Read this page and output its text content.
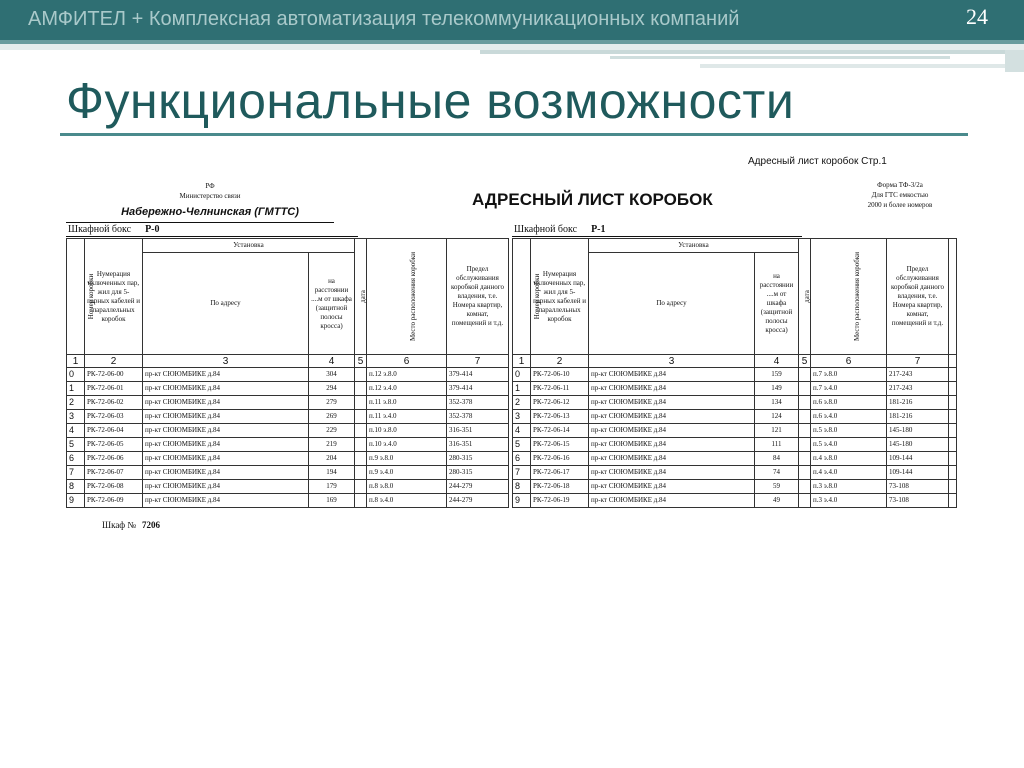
АМФИТЕЛ + Комплексная автоматизация телекоммуникационных компаний	24
Функциональные возможности
Адресный лист коробок Стр.1
РФ
Министерство связи
Набережно-Челнинская (ГМТТС)
АДРЕСНЫЙ ЛИСТ КОРОБОК
Форма ТФ-3/2а
Для ГТС емкостью
2000 и более номеров
Шкафной бокс Р-0	Шкафной бокс Р-1
Номер коробки	Нумерация включенных пар, жил для 5-парных кабелей и параллельных коробок	Установка		дата	Место расположения коробки	Предел обслуживания коробкой данного владения, т.е. Номера квартир, комнат, помещений и т.д.
		По адресу	на расстоянии ....м от шкафа (защитной полосы кросса)			
1	2	3	4	5	6	7
0	РК-72-06-00	пр-кт СЮЮМБИКЕ д.84	304		п.12 э.8.0	379-414
1	РК-72-06-01	пр-кт СЮЮМБИКЕ д.84	294		п.12 э.4.0	379-414
2	РК-72-06-02	пр-кт СЮЮМБИКЕ д.84	279		п.11 э.8.0	352-378
3	РК-72-06-03	пр-кт СЮЮМБИКЕ д.84	269		п.11 э.4.0	352-378
4	РК-72-06-04	пр-кт СЮЮМБИКЕ д.84	229		п.10 э.8.0	316-351
5	РК-72-06-05	пр-кт СЮЮМБИКЕ д.84	219		п.10 э.4.0	316-351
6	РК-72-06-06	пр-кт СЮЮМБИКЕ д.84	204		п.9 э.8.0	280-315
7	РК-72-06-07	пр-кт СЮЮМБИКЕ д.84	194		п.9 э.4.0	280-315
8	РК-72-06-08	пр-кт СЮЮМБИКЕ д.84	179		п.8 э.8.0	244-279
9	РК-72-06-09	пр-кт СЮЮМБИКЕ д.84	169		п.8 э.4.0	244-279
Номер коробки	Нумерация включенных пар, жил для 5-парных кабелей и параллельных коробок	Установка		дата	Место расположения коробки	Предел обслуживания коробкой данного владения, т.е. Номера квартир, комнат, помещений и т.д.	
		По адресу	на расстоянии ....м от шкафа (защитной полосы кросса)				
1	2	3	4	5	6	7	
0	РК-72-06-10	пр-кт СЮЮМБИКЕ д.84	159		п.7 э.8.0	217-243	
1	РК-72-06-11	пр-кт СЮЮМБИКЕ д.84	149		п.7 э.4.0	217-243	
2	РК-72-06-12	пр-кт СЮЮМБИКЕ д.84	134		п.6 э.8.0	181-216	
3	РК-72-06-13	пр-кт СЮЮМБИКЕ д.84	124		п.6 э.4.0	181-216	
4	РК-72-06-14	пр-кт СЮЮМБИКЕ д.84	121		п.5 э.8.0	145-180	
5	РК-72-06-15	пр-кт СЮЮМБИКЕ д.84	111		п.5 э.4.0	145-180	
6	РК-72-06-16	пр-кт СЮЮМБИКЕ д.84	84		п.4 э.8.0	109-144	
7	РК-72-06-17	пр-кт СЮЮМБИКЕ д.84	74		п.4 э.4.0	109-144	
8	РК-72-06-18	пр-кт СЮЮМБИКЕ д.84	59		п.3 э.8.0	73-108	
9	РК-72-06-19	пр-кт СЮЮМБИКЕ д.84	49		п.3 э.4.0	73-108	
Шкаф № 7206
